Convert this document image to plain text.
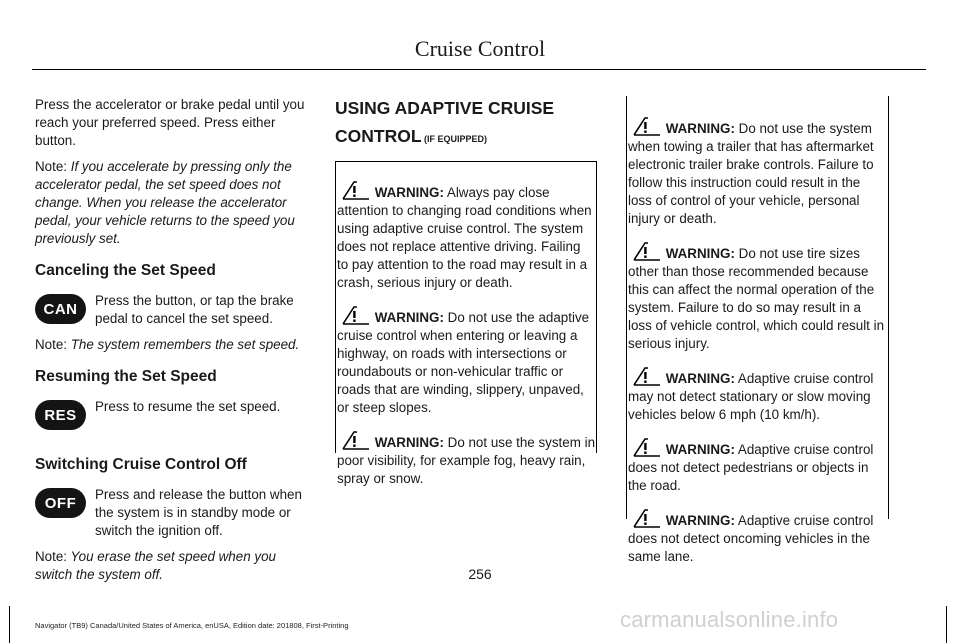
Cruise Control

Press the accelerator or brake pedal until you reach your preferred speed. Press either button.

Note: If you accelerate by pressing only the accelerator pedal, the set speed does not change. When you release the accelerator pedal, your vehicle returns to the speed you previously set.

Canceling the Set Speed
CAN	Press the button, or tap the brake pedal to cancel the set speed.

Note: The system remembers the set speed.

Resuming the Set Speed
RES	Press to resume the set speed.

Switching Cruise Control Off
OFF	Press and release the button when the system is in standby mode or switch the ignition off.

Note: You erase the set speed when you switch the system off.

USING ADAPTIVE CRUISE
CONTROL (IF EQUIPPED)

WARNING: Always pay close attention to changing road conditions when using adaptive cruise control. The system does not replace attentive driving. Failing to pay attention to the road may result in a crash, serious injury or death.

WARNING: Do not use the adaptive cruise control when entering or leaving a highway, on roads with intersections or roundabouts or non-vehicular traffic or roads that are winding, slippery, unpaved, or steep slopes.

WARNING: Do not use the system in poor visibility, for example fog, heavy rain, spray or snow.

WARNING: Do not use the system when towing a trailer that has aftermarket electronic trailer brake controls. Failure to follow this instruction could result in the loss of control of your vehicle, personal injury or death.

WARNING: Do not use tire sizes other than those recommended because this can affect the normal operation of the system. Failure to do so may result in a loss of vehicle control, which could result in serious injury.

WARNING: Adaptive cruise control may not detect stationary or slow moving vehicles below 6 mph (10 km/h).

WARNING: Adaptive cruise control does not detect pedestrians or objects in the road.

WARNING: Adaptive cruise control does not detect oncoming vehicles in the same lane.

256
Navigator (TB9) Canada/United States of America, enUSA, Edition date: 201808, First-Printing	carmanualsonline.info
